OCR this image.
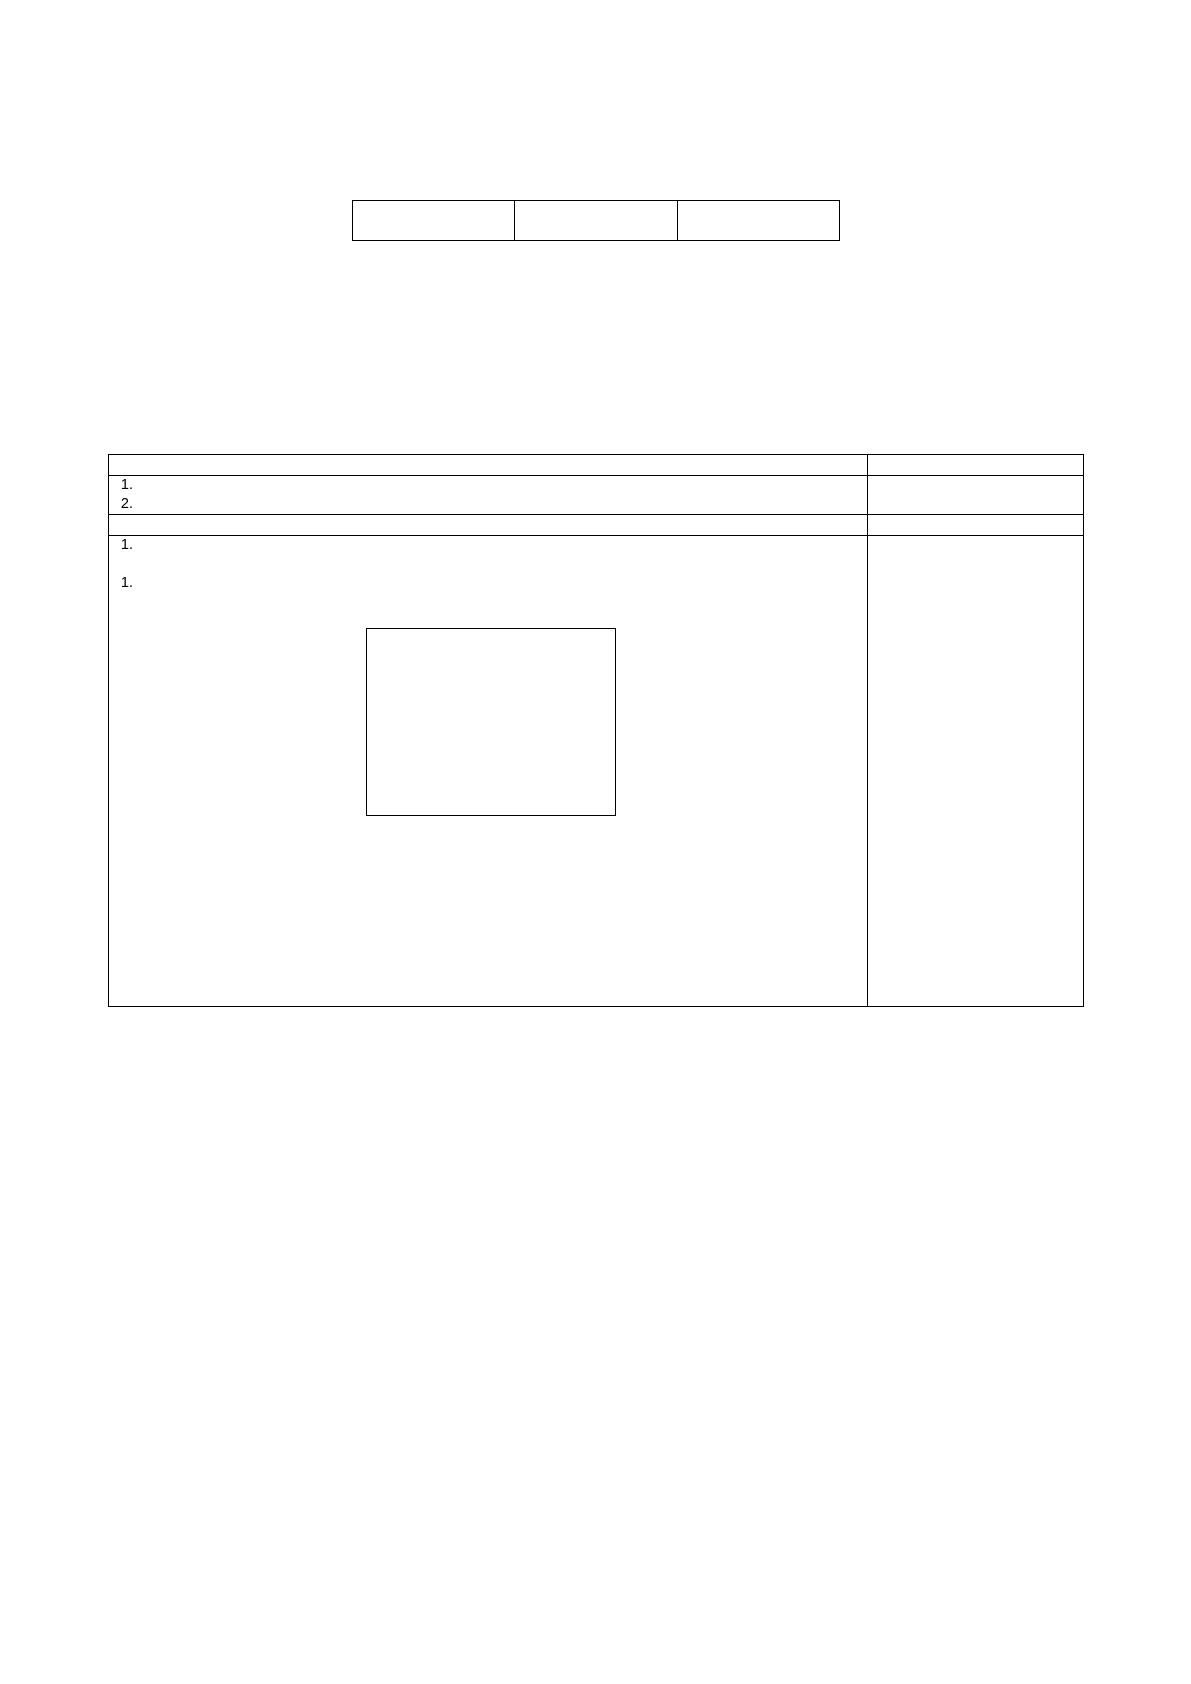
1.
2.

1.
1.
